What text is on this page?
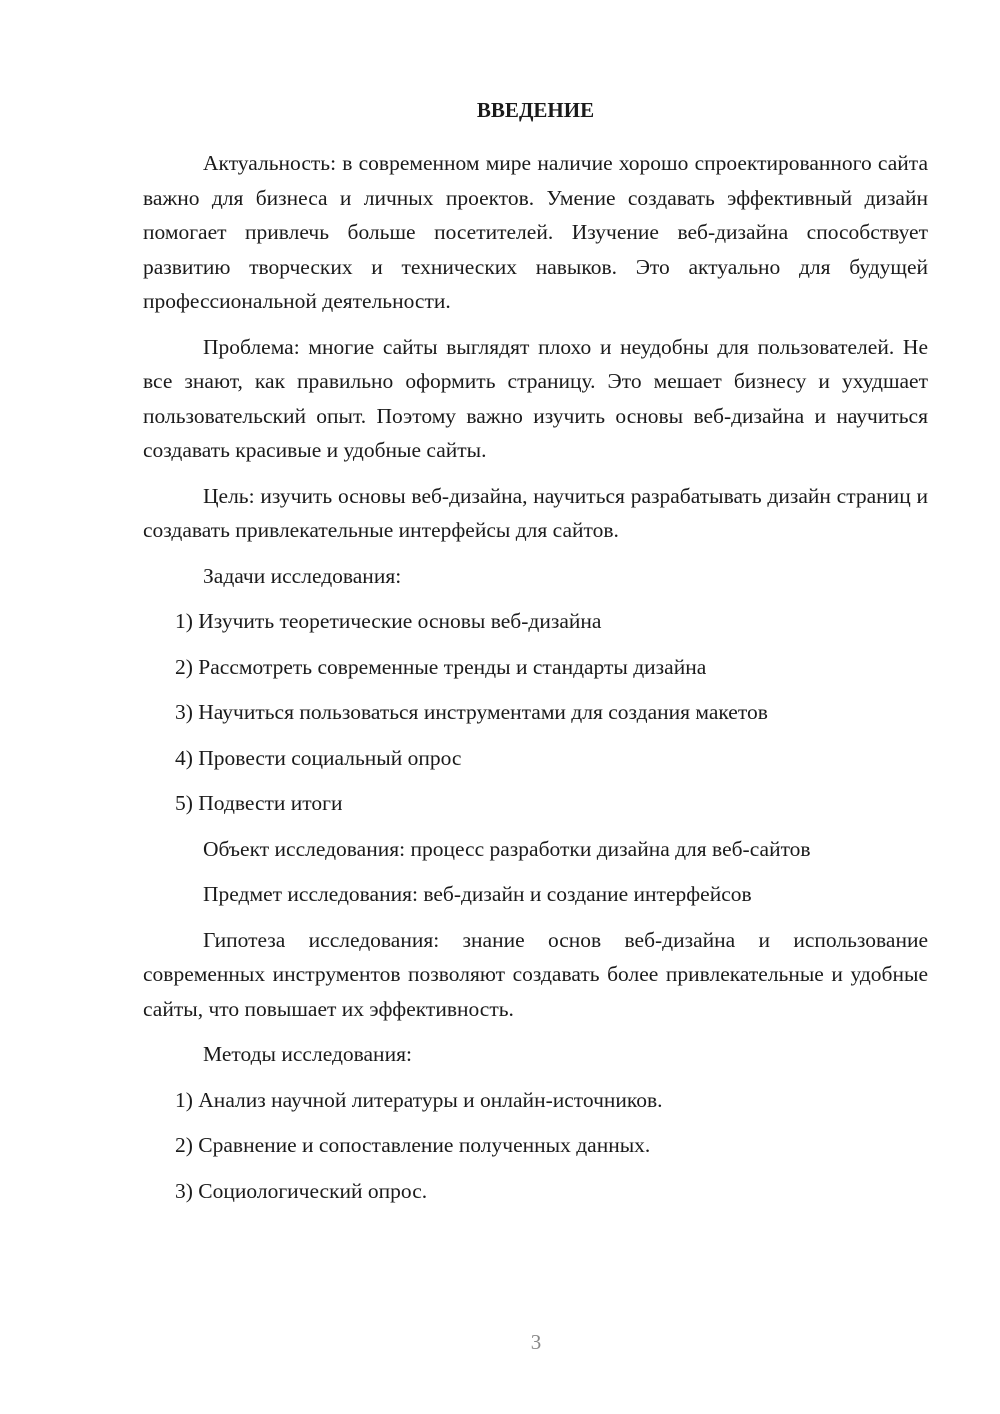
ВВЕДЕНИЕ

Актуальность: в современном мире наличие хорошо спроектированного сайта важно для бизнеса и личных проектов. Умение создавать эффективный дизайн помогает привлечь больше посетителей. Изучение веб-дизайна способствует развитию творческих и технических навыков. Это актуально для будущей профессиональной деятельности.

Проблема: многие сайты выглядят плохо и неудобны для пользователей. Не все знают, как правильно оформить страницу. Это мешает бизнесу и ухудшает пользовательский опыт. Поэтому важно изучить основы веб-дизайна и научиться создавать красивые и удобные сайты.

Цель: изучить основы веб-дизайна, научиться разрабатывать дизайн страниц и создавать привлекательные интерфейсы для сайтов.

Задачи исследования:

1) Изучить теоретические основы веб-дизайна
2) Рассмотреть современные тренды и стандарты дизайна
3) Научиться пользоваться инструментами для создания макетов
4) Провести социальный опрос
5) Подвести итоги

Объект исследования: процесс разработки дизайна для веб-сайтов

Предмет исследования: веб-дизайн и создание интерфейсов

Гипотеза исследования: знание основ веб-дизайна и использование современных инструментов позволяют создавать более привлекательные и удобные сайты, что повышает их эффективность.

Методы исследования:

1) Анализ научной литературы и онлайн-источников.
2) Сравнение и сопоставление полученных данных.
3) Социологический опрос.
3
